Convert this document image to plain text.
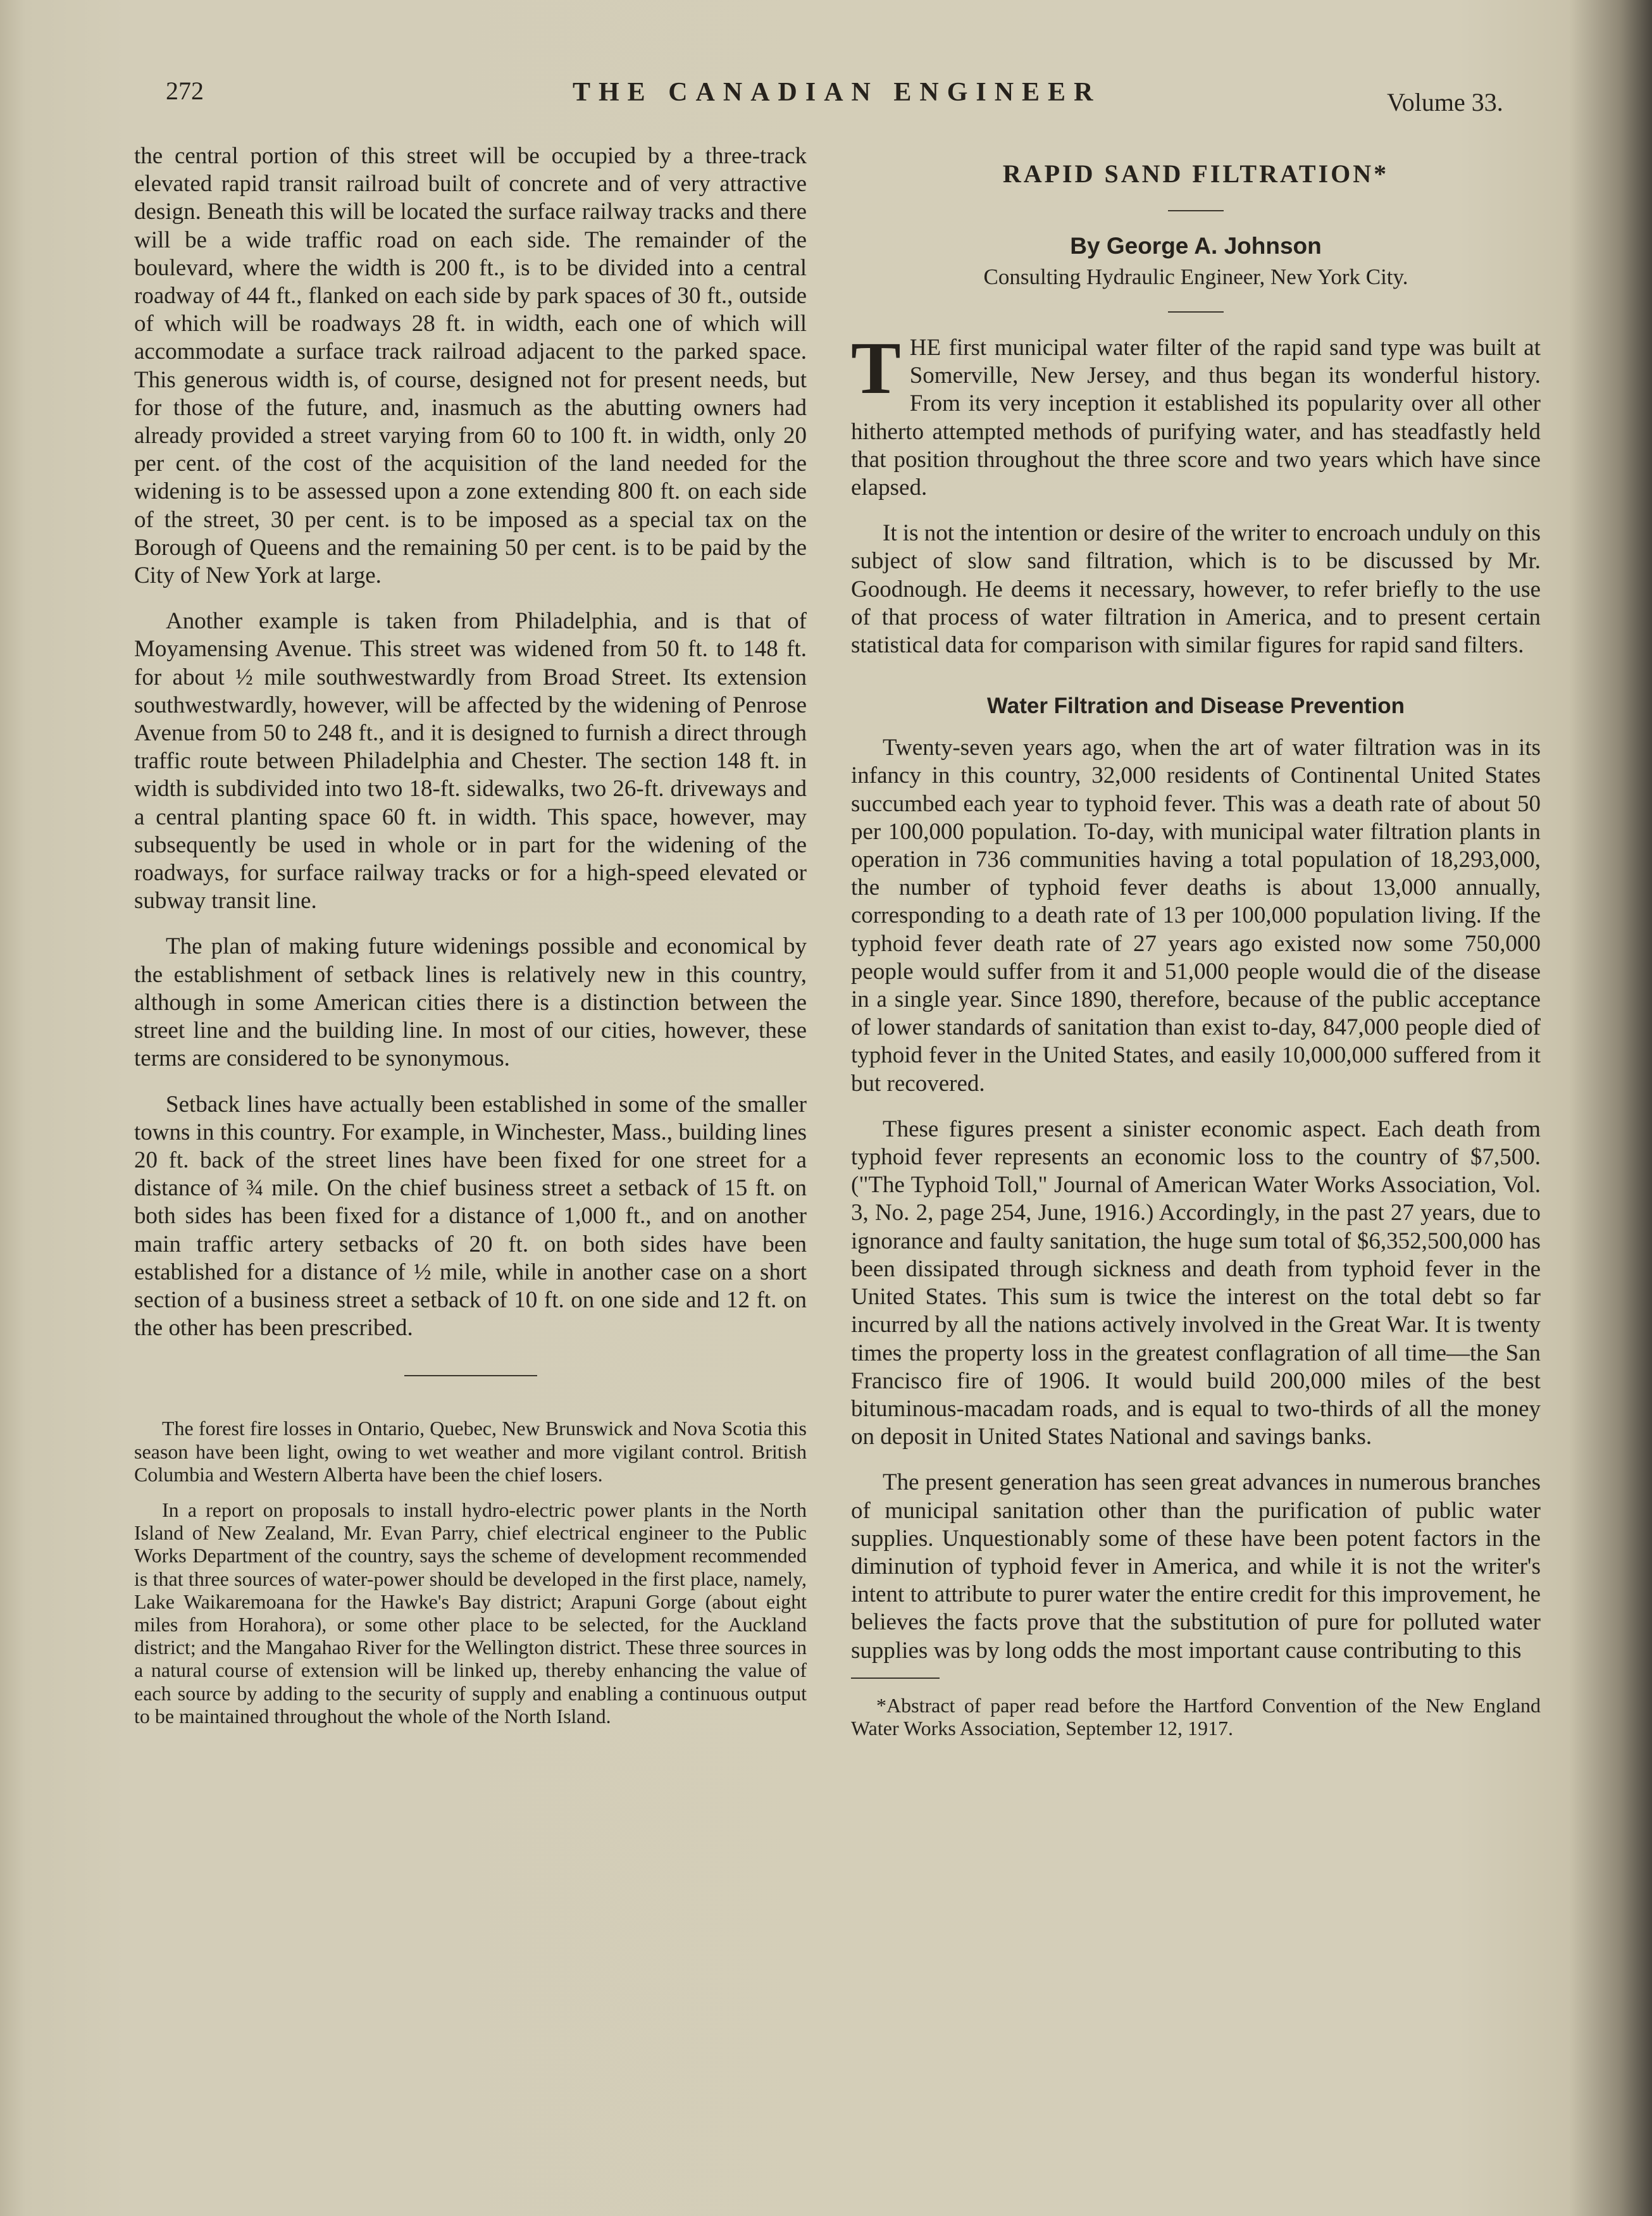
272	THE CANADIAN ENGINEER	Volume 33.

the central portion of this street will be occupied by a three-track elevated rapid transit railroad built of concrete and of very attractive design. Beneath this will be located the surface railway tracks and there will be a wide traffic road on each side. The remainder of the boulevard, where the width is 200 ft., is to be divided into a central roadway of 44 ft., flanked on each side by park spaces of 30 ft., outside of which will be roadways 28 ft. in width, each one of which will accommodate a surface track railroad adjacent to the parked space. This generous width is, of course, designed not for present needs, but for those of the future, and, inasmuch as the abutting owners had already provided a street varying from 60 to 100 ft. in width, only 20 per cent. of the cost of the acquisition of the land needed for the widening is to be assessed upon a zone extending 800 ft. on each side of the street, 30 per cent. is to be imposed as a special tax on the Borough of Queens and the remaining 50 per cent. is to be paid by the City of New York at large.

Another example is taken from Philadelphia, and is that of Moyamensing Avenue. This street was widened from 50 ft. to 148 ft. for about ½ mile southwestwardly from Broad Street. Its extension southwestwardly, however, will be affected by the widening of Penrose Avenue from 50 to 248 ft., and it is designed to furnish a direct through traffic route between Philadelphia and Chester. The section 148 ft. in width is subdivided into two 18-ft. sidewalks, two 26-ft. driveways and a central planting space 60 ft. in width. This space, however, may subsequently be used in whole or in part for the widening of the roadways, for surface railway tracks or for a high-speed elevated or subway transit line.

The plan of making future widenings possible and economical by the establishment of setback lines is relatively new in this country, although in some American cities there is a distinction between the street line and the building line. In most of our cities, however, these terms are considered to be synonymous.

Setback lines have actually been established in some of the smaller towns in this country. For example, in Winchester, Mass., building lines 20 ft. back of the street lines have been fixed for one street for a distance of ¾ mile. On the chief business street a setback of 15 ft. on both sides has been fixed for a distance of 1,000 ft., and on another main traffic artery setbacks of 20 ft. on both sides have been established for a distance of ½ mile, while in another case on a short section of a business street a setback of 10 ft. on one side and 12 ft. on the other has been prescribed.

The forest fire losses in Ontario, Quebec, New Brunswick and Nova Scotia this season have been light, owing to wet weather and more vigilant control. British Columbia and Western Alberta have been the chief losers.

In a report on proposals to install hydro-electric power plants in the North Island of New Zealand, Mr. Evan Parry, chief electrical engineer to the Public Works Department of the country, says the scheme of development recommended is that three sources of water-power should be developed in the first place, namely, Lake Waikaremoana for the Hawke's Bay district; Arapuni Gorge (about eight miles from Horahora), or some other place to be selected, for the Auckland district; and the Mangahao River for the Wellington district. These three sources in a natural course of extension will be linked up, thereby enhancing the value of each source by adding to the security of supply and enabling a continuous output to be maintained throughout the whole of the North Island.

RAPID SAND FILTRATION*
By George A. Johnson
Consulting Hydraulic Engineer, New York City.

THE first municipal water filter of the rapid sand type was built at Somerville, New Jersey, and thus began its wonderful history. From its very inception it established its popularity over all other hitherto attempted methods of purifying water, and has steadfastly held that position throughout the three score and two years which have since elapsed.

It is not the intention or desire of the writer to encroach unduly on this subject of slow sand filtration, which is to be discussed by Mr. Goodnough. He deems it necessary, however, to refer briefly to the use of that process of water filtration in America, and to present certain statistical data for comparison with similar figures for rapid sand filters.

Water Filtration and Disease Prevention

Twenty-seven years ago, when the art of water filtration was in its infancy in this country, 32,000 residents of Continental United States succumbed each year to typhoid fever. This was a death rate of about 50 per 100,000 population. To-day, with municipal water filtration plants in operation in 736 communities having a total population of 18,293,000, the number of typhoid fever deaths is about 13,000 annually, corresponding to a death rate of 13 per 100,000 population living. If the typhoid fever death rate of 27 years ago existed now some 750,000 people would suffer from it and 51,000 people would die of the disease in a single year. Since 1890, therefore, because of the public acceptance of lower standards of sanitation than exist to-day, 847,000 people died of typhoid fever in the United States, and easily 10,000,000 suffered from it but recovered.

These figures present a sinister economic aspect. Each death from typhoid fever represents an economic loss to the country of $7,500. ("The Typhoid Toll," Journal of American Water Works Association, Vol. 3, No. 2, page 254, June, 1916.) Accordingly, in the past 27 years, due to ignorance and faulty sanitation, the huge sum total of $6,352,500,000 has been dissipated through sickness and death from typhoid fever in the United States. This sum is twice the interest on the total debt so far incurred by all the nations actively involved in the Great War. It is twenty times the property loss in the greatest conflagration of all time—the San Francisco fire of 1906. It would build 200,000 miles of the best bituminous-macadam roads, and is equal to two-thirds of all the money on deposit in United States National and savings banks.

The present generation has seen great advances in numerous branches of municipal sanitation other than the purification of public water supplies. Unquestionably some of these have been potent factors in the diminution of typhoid fever in America, and while it is not the writer's intent to attribute to purer water the entire credit for this improvement, he believes the facts prove that the substitution of pure for polluted water supplies was by long odds the most important cause contributing to this

*Abstract of paper read before the Hartford Convention of the New England Water Works Association, September 12, 1917.
